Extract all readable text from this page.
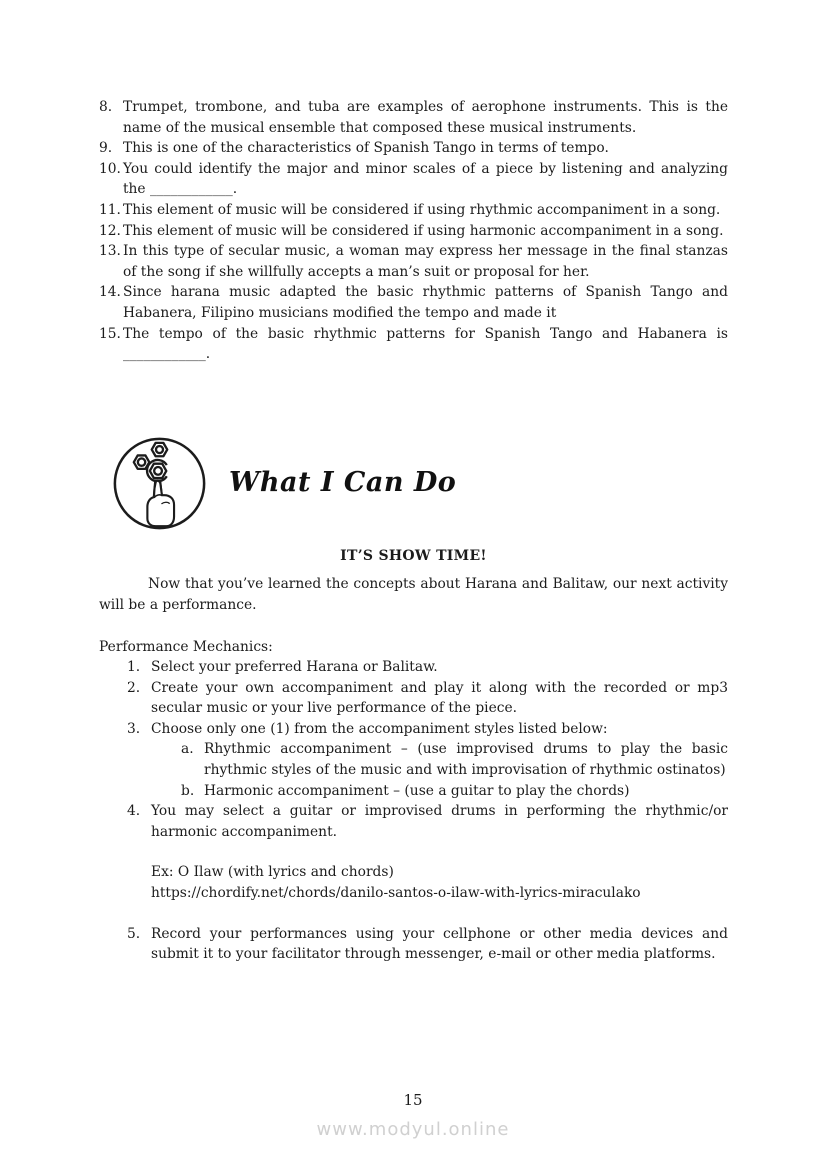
8. Trumpet, trombone, and tuba are examples of aerophone instruments. This is the name of the musical ensemble that composed these musical instruments.
9. This is one of the characteristics of Spanish Tango in terms of tempo.
10. You could identify the major and minor scales of a piece by listening and analyzing the ____________.
11. This element of music will be considered if using rhythmic accompaniment in a song.
12. This element of music will be considered if using harmonic accompaniment in a song.
13. In this type of secular music, a woman may express her message in the final stanzas of the song if she willfully accepts a man’s suit or proposal for her.
14. Since harana music adapted the basic rhythmic patterns of Spanish Tango and Habanera, Filipino musicians modified the tempo and made it
15. The tempo of the basic rhythmic patterns for Spanish Tango and Habanera is ____________.
What I Can Do
IT’S SHOW TIME!
Now that you’ve learned the concepts about Harana and Balitaw, our next activity will be a performance.
Performance Mechanics:
1. Select your preferred Harana or Balitaw.
2. Create your own accompaniment and play it along with the recorded or mp3 secular music or your live performance of the piece.
3. Choose only one (1) from the accompaniment styles listed below:
a. Rhythmic accompaniment – (use improvised drums to play the basic rhythmic styles of the music and with improvisation of rhythmic ostinatos)
b. Harmonic accompaniment – (use a guitar to play the chords)
4. You may select a guitar or improvised drums in performing the rhythmic/or harmonic accompaniment.
Ex: O Ilaw (with lyrics and chords)
https://chordify.net/chords/danilo-santos-o-ilaw-with-lyrics-miraculako
5. Record your performances using your cellphone or other media devices and submit it to your facilitator through messenger, e-mail or other media platforms.
15
www.modyul.online
